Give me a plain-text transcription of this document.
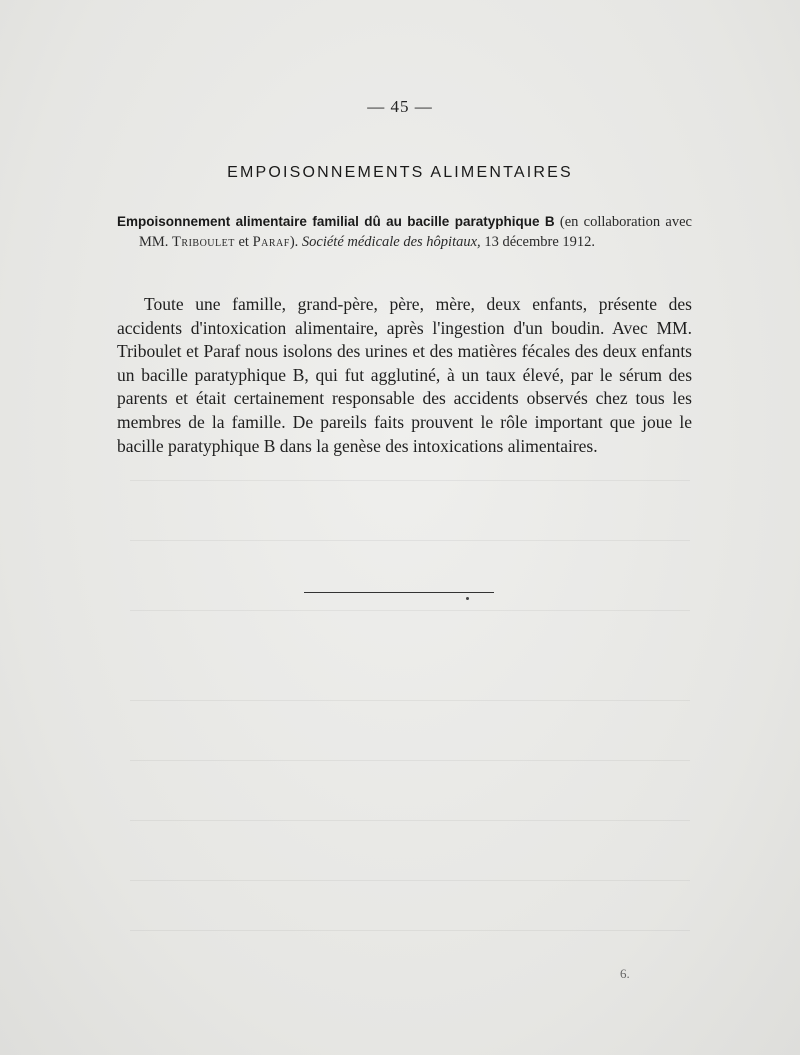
— 45 —
EMPOISONNEMENTS ALIMENTAIRES
Empoisonnement alimentaire familial dû au bacille paratyphique B (en collaboration avec MM. Triboulet et Paraf). Société médicale des hôpitaux, 13 décembre 1912.
Toute une famille, grand-père, père, mère, deux enfants, présente des accidents d'intoxication alimentaire, après l'ingestion d'un boudin. Avec MM. Triboulet et Paraf nous isolons des urines et des matières fécales des deux enfants un bacille paratyphique B, qui fut agglutiné, à un taux élevé, par le sérum des parents et était certainement responsable des accidents observés chez tous les membres de la famille. De pareils faits prouvent le rôle important que joue le bacille paratyphique B dans la genèse des intoxications alimentaires.
6.
